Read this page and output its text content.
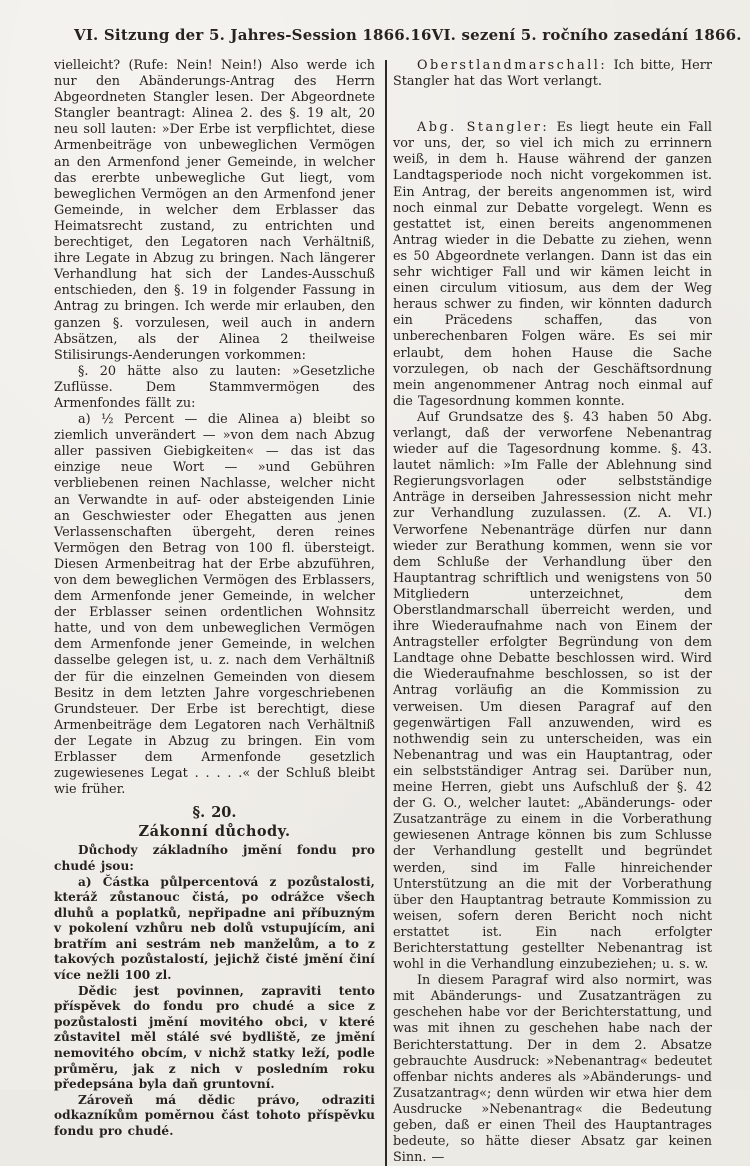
VI. Sitzung der 5. Jahres-Session 1866. 16 VI. sezení 5. ročního zasedání 1866.

vielleicht? (Rufe: Nein! Nein!) Also werde ich nur den Abänderungs-Antrag des Herrn Abgeordneten Stangler lesen. Der Abgeordnete Stangler beantragt: Alinea 2. des §. 19 alt, 20 neu soll lauten: »Der Erbe ist verpflichtet, diese Armenbeiträge von unbeweglichen Vermögen an den Armenfond jener Gemeinde, in welcher das ererbte unbewegliche Gut liegt, vom beweglichen Vermögen an den Armenfond jener Gemeinde, in welcher dem Erblasser das Heimatsrecht zustand, zu entrichten und berechtiget, den Legatoren nach Verhältniß, ihre Legate in Abzug zu bringen. Nach längerer Verhandlung hat sich der Landes-Ausschuß entschieden, den §. 19 in folgender Fassung in Antrag zu bringen. Ich werde mir erlauben, den ganzen §. vorzulesen, weil auch in andern Absätzen, als der Alinea 2 theilweise Stilisirungs-Aenderungen vorkommen:

§. 20 hätte also zu lauten: »Gesetzliche Zuflüsse. Dem Stammvermögen des Armenfondes fällt zu:

a) ½ Percent — die Alinea a) bleibt so ziemlich unverändert — »von dem nach Abzug aller passiven Giebigkeiten« — das ist das einzige neue Wort — »und Gebühren verbliebenen reinen Nachlasse, welcher nicht an Verwandte in auf- oder absteigenden Linie an Geschwiester oder Ehegatten aus jenen Verlassenschaften übergeht, deren reines Vermögen den Betrag von 100 fl. übersteigt. Diesen Armenbeitrag hat der Erbe abzuführen, von dem beweglichen Vermögen des Erblassers, dem Armenfonde jener Gemeinde, in welcher der Erblasser seinen ordentlichen Wohnsitz hatte, und von dem unbeweglichen Vermögen dem Armenfonde jener Gemeinde, in welchen dasselbe gelegen ist, u. z. nach dem Verhältniß der für die einzelnen Gemeinden von diesem Besitz in dem letzten Jahre vorgeschriebenen Grundsteuer. Der Erbe ist berechtigt, diese Armenbeiträge dem Legatoren nach Verhältniß der Legate in Abzug zu bringen. Ein vom Erblasser dem Armenfonde gesetzlich zugewiesenes Legat . . . . .« der Schluß bleibt wie früher.

§. 20.

Zákonní důchody.

Důchody základního jmění fondu pro chudé jsou:

a) Částka půlpercentová z pozůstalosti, kteráž zůstanouc čistá, po odrážce všech dluhů a poplatků, nepřipadne ani příbuzným v pokolení vzhůru neb dolů vstupujícím, ani bratřím ani sestrám neb manželům, a to z takových pozůstalostí, jejichž čisté jmění činí více nežli 100 zl.

Dědic jest povinnen, zapraviti tento příspěvek do fondu pro chudé a sice z pozůstalosti jmění movitého obci, v které zůstavitel měl stálé své bydliště, ze jmění nemovitého obcím, v nichž statky leží, podle průměru, jak z nich v posledním roku předepsána byla daň gruntovní.

Zároveň má dědic právo, odraziti odkazníkům poměrnou část tohoto příspěvku fondu pro chudé.

Oberstlandmarschall: Ich bitte, Herr Stangler hat das Wort verlangt.

Abg. Stangler: Es liegt heute ein Fall vor uns, der, so viel ich mich zu errinnern weiß, in dem h. Hause während der ganzen Landtagsperiode noch nicht vorgekommen ist. Ein Antrag, der bereits angenommen ist, wird noch einmal zur Debatte vorgelegt. Wenn es gestattet ist, einen bereits angenommenen Antrag wieder in die Debatte zu ziehen, wenn es 50 Abgeordnete verlangen. Dann ist das ein sehr wichtiger Fall und wir kämen leicht in einen circulum vitiosum, aus dem der Weg heraus schwer zu finden, wir könnten dadurch ein Präcedens schaffen, das von unberechenbaren Folgen wäre. Es sei mir erlaubt, dem hohen Hause die Sache vorzulegen, ob nach der Geschäftsordnung mein angenommener Antrag noch einmal auf die Tagesordnung kommen konnte.

Auf Grundsatze des §. 43 haben 50 Abg. verlangt, daß der verworfene Nebenantrag wieder auf die Tagesordnung komme. §. 43. lautet nämlich: »Im Falle der Ablehnung sind Regierungsvorlagen oder selbstständige Anträge in derseiben Jahressession nicht mehr zur Verhandlung zuzulassen. (Z. A. VI.) Verworfene Nebenanträge dürfen nur dann wieder zur Berathung kommen, wenn sie vor dem Schluße der Verhandlung über den Hauptantrag schriftlich und wenigstens von 50 Mitgliedern unterzeichnet, dem Oberstlandmarschall überreicht werden, und ihre Wiederaufnahme nach von Einem der Antragsteller erfolgter Begründung von dem Landtage ohne Debatte beschlossen wird. Wird die Wiederaufnahme beschlossen, so ist der Antrag vorläufig an die Kommission zu verweisen. Um diesen Paragraf auf den gegenwärtigen Fall anzuwenden, wird es nothwendig sein zu unterscheiden, was ein Nebenantrag und was ein Hauptantrag, oder ein selbstständiger Antrag sei. Darüber nun, meine Herren, giebt uns Aufschluß der §. 42 der G. O., welcher lautet: „Abänderungs- oder Zusatzanträge zu einem in die Vorberathung gewiesenen Antrage können bis zum Schlusse der Verhandlung gestellt und begründet werden, sind im Falle hinreichender Unterstützung an die mit der Vorberathung über den Hauptantrag betraute Kommission zu weisen, sofern deren Bericht noch nicht erstattet ist. Ein nach erfolgter Berichterstattung gestellter Nebenantrag ist wohl in die Verhandlung einzubeziehen; u. s. w.

In diesem Paragraf wird also normirt, was mit Abänderungs- und Zusatzanträgen zu geschehen habe vor der Berichterstattung, und was mit ihnen zu geschehen habe nach der Berichterstattung. Der in dem 2. Absatze gebrauchte Ausdruck: »Nebenantrag« bedeutet offenbar nichts anderes als »Abänderungs- und Zusatzantrag«; denn würden wir etwa hier dem Ausdrucke »Nebenantrag« die Bedeutung geben, daß er einen Theil des Hauptantrages bedeute, so hätte dieser Absatz gar keinen Sinn. —
